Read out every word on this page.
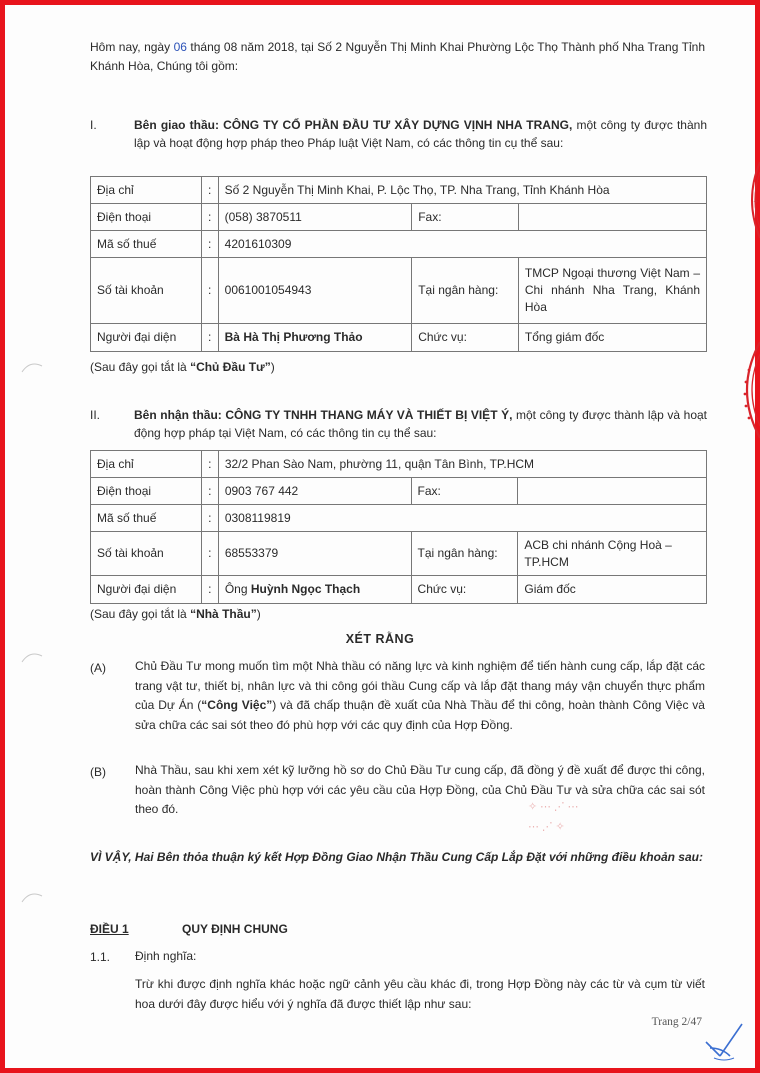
Hôm nay, ngày 06 tháng 08 năm 2018, tại Số 2 Nguyễn Thị Minh Khai Phường Lộc Thọ Thành phố Nha Trang Tỉnh Khánh Hòa, Chúng tôi gồm:

I.	Bên giao thầu: CÔNG TY CỔ PHẦN ĐẦU TƯ XÂY DỰNG VỊNH NHA TRANG, một công ty được thành lập và hoạt động hợp pháp theo Pháp luật Việt Nam, có các thông tin cụ thể sau:
Địa chỉ	:	Số 2 Nguyễn Thị Minh Khai, P. Lộc Thọ, TP. Nha Trang, Tỉnh Khánh Hòa		
Điện thoại	:	(058) 3870511	Fax:	
Mã số thuế	:	4201610309		
Số tài khoản	:	0061001054943	Tại ngân hàng:	TMCP Ngoại thương Việt Nam – Chi nhánh Nha Trang, Khánh Hòa
Người đại diện	:	Bà Hà Thị Phương Thảo	Chức vụ:	Tổng giám đốc
(Sau đây gọi tắt là “Chủ Đầu Tư”)
II.	Bên nhận thầu: CÔNG TY TNHH THANG MÁY VÀ THIẾT BỊ VIỆT Ý, một công ty được thành lập và hoạt động hợp pháp tại Việt Nam, có các thông tin cụ thể sau:
Địa chỉ	:	32/2 Phan Sào Nam, phường 11, quận Tân Bình, TP.HCM		
Điện thoại	:	0903 767 442	Fax:	
Mã số thuế	:	0308119819		
Số tài khoản	:	68553379	Tại ngân hàng:	ACB chi nhánh Cộng Hoà – TP.HCM
Người đại diện	:	Ông Huỳnh Ngọc Thạch	Chức vụ:	Giám đốc
(Sau đây gọi tắt là “Nhà Thầu”)
XÉT RẰNG
(A) Chủ Đầu Tư mong muốn tìm một Nhà thầu có năng lực và kinh nghiệm để tiến hành cung cấp, lắp đặt các trang vật tư, thiết bị, nhân lực và thi công gói thầu Cung cấp và lắp đặt thang máy vận chuyển thực phẩm của Dự Án (“Công Việc”) và đã chấp thuận đề xuất của Nhà Thầu để thi công, hoàn thành Công Việc và sửa chữa các sai sót theo đó phù hợp với các quy định của Hợp Đồng.
(B) Nhà Thầu, sau khi xem xét kỹ lưỡng hồ sơ do Chủ Đầu Tư cung cấp, đã đồng ý đề xuất để được thi công, hoàn thành Công Việc phù hợp với các yêu cầu của Hợp Đồng, của Chủ Đầu Tư và sửa chữa các sai sót theo đó.	✧ ⋯ ⋰ ⋯
⋯ ⋰ ✧
VÌ VẬY, Hai Bên thỏa thuận ký kết Hợp Đồng Giao Nhận Thầu Cung Cấp Lắp Đặt với những điều khoản sau:
ĐIỀU 1	QUY ĐỊNH CHUNG
1.1. Định nghĩa:
Trừ khi được định nghĩa khác hoặc ngữ cảnh yêu cầu khác đi, trong Hợp Đồng này các từ và cụm từ viết hoa dưới đây được hiểu với ý nghĩa đã được thiết lập như sau:
Trang 2/47
✦
